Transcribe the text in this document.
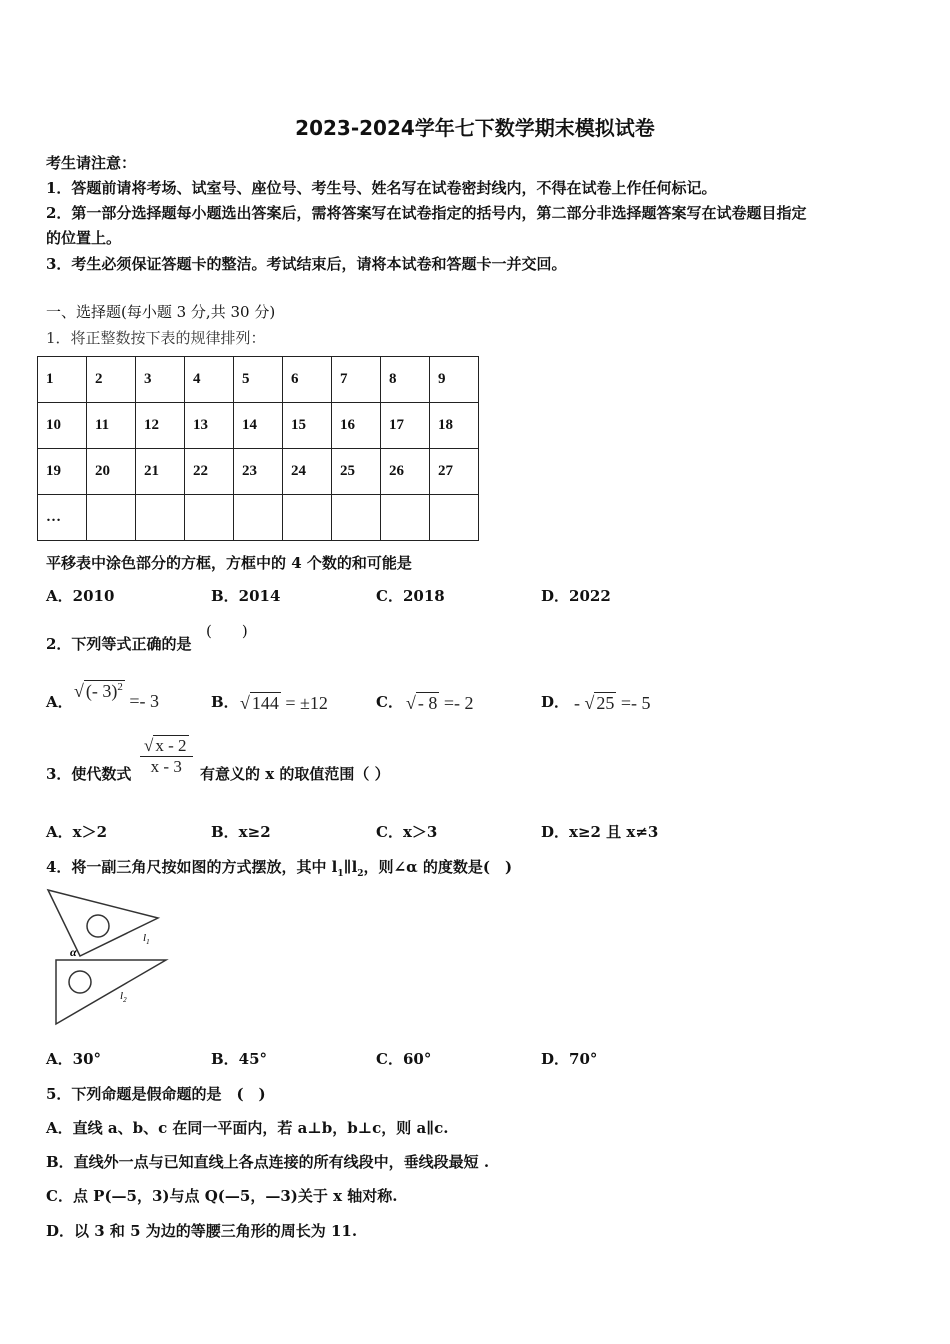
2023-2024学年七下数学期末模拟试卷
考生请注意：
1．答题前请将考场、试室号、座位号、考生号、姓名写在试卷密封线内，不得在试卷上作任何标记。
2．第一部分选择题每小题选出答案后，需将答案写在试卷指定的括号内，第二部分非选择题答案写在试卷题目指定
的位置上。
3．考生必须保证答题卡的整洁。考试结束后，请将本试卷和答题卡一并交回。
一、选择题(每小题 3 分,共 30 分)
1．将正整数按下表的规律排列：
1	2	3	4	5	6	7	8	9
10	11	12	13	14	15	16	17	18
19	20	21	22	23	24	25	26	27
…								
平移表中涂色部分的方框，方框中的 4 个数的和可能是
A．2010	B．2014	C．2018	D．2022
2．下列等式正确的是
(　　)
A．
√ (- 3)$^2$ =- 3	B． √ 144 = ±12	C． √ - 8 =- 2	D． - √ 25 =- 5
3．使代数式 $\frac{√ x - 2}{x - 3}$ 有意义的 x 的取值范围（ ）
A．x＞2	B．x≥2	C．x＞3	D．x≥2 且 x≠3
4．将一副三角尺按如图的方式摆放，其中 $l_1\parallel l_2$，则∠α 的度数是(　)
α
$l_1$
$l_2$
A．30°	B．45°	C．60°	D．70°
5．下列命题是假命题的是　(　)
A．直线 a、b、c 在同一平面内，若 a⊥b，b⊥c，则 a∥c.
B．直线外一点与已知直线上各点连接的所有线段中，垂线段最短 .
C．点 P(—5，3)与点 Q(—5，—3)关于 x 轴对称.
D．以 3 和 5 为边的等腰三角形的周长为 11.
